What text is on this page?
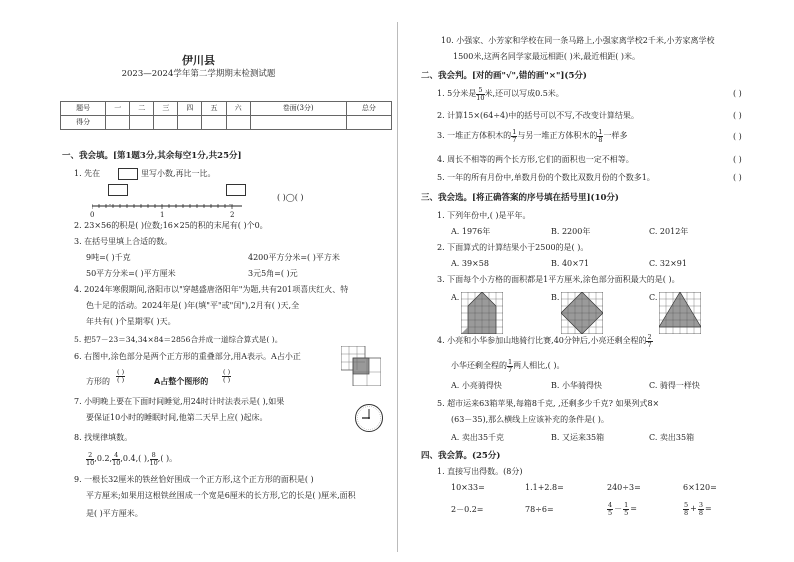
伊川县
2023—2024学年第二学期期末检测试题
题号	一	二	三	四	五	六	卷面(3分)	总分
得分								
一、我会填。[第1题3分,其余每空1分,共25分]
1. 先在	里写小数,再比一比。
0	1	2
( )◯( )
2. 23×56的积是( )位数;16×25的积的末尾有( )个0。
3. 在括号里填上合适的数。
9吨=( )千克	4200平方分米=( )平方米
50平方分米=( )平方厘米	3元5角=( )元
4. 2024年寒假期间,洛阳市以"穿越盛唐洛阳年"为题,共有201项喜庆红火、特
色十足的活动。2024年是( )年(填"平"或"闰"),2月有( )天,全
年共有( )个星期零( )天。
5. 把57－23＝34,34×84＝2856合并成一道综合算式是( )。
6. 右图中,涂色部分是两个正方形的重叠部分,用A表示。A占小正
方形的
( )
( )	A占整个图形的
( )
( )
7. 小明晚上要在下面时间睡觉,用24时计时法表示是( ),如果
要保证10小时的睡眠时间,他第二天早上应( )起床。
8. 找规律填数。
$\frac{2}{10} ,0.2$, $\frac{4}{10} ,0.4$,( ), $\frac{8}{10}$ ,( )。
9. 一根长32厘米的铁丝恰好围成一个正方形,这个正方形的面积是( )
平方厘米;如果用这根铁丝围成一个宽是6厘米的长方形,它的长是( )厘米,面积
是( )平方厘米。
10. 小强家、小芳家和学校在同一条马路上,小强家离学校2千米,小芳家离学校
1500米,这两名同学家最远相距( )米,最近相距( )米。
二、我会判。[对的画"√",错的画"×"](5分)
1. 5分米是 $\frac{5}{10}$ 米,还可以写成0.5米。	( )
2. 计算15×(64÷4)中的括号可以不写,不改变计算结果。	( )
3. 一堆正方体积木的 $\frac{1}{7}$ 与另一堆正方体积木的 $\frac{1}{8}$ 一样多	( )
4. 周长不相等的两个长方形,它们的面积也一定不相等。	( )
5. 一年的所有月份中,单数月份的个数比双数月份的个数多1。	( )
三、我会选。[将正确答案的序号填在括号里](10分)
1. 下列年份中,( )是平年。
A. 1976年	B. 2200年	C. 2012年
2. 下面算式的计算结果小于2500的是( )。
A. 39×58	B. 40×71	C. 32×91
3. 下面每个小方格的面积都是1平方厘米,涂色部分面积最大的是( )。
A.	B.	C.
4. 小亮和小华参加山地骑行比赛,40分钟后,小亮还剩全程的 $\frac{2}{7}$
小华还剩全程的 $\frac{1}{7}$ 两人相比,( )。
A. 小亮骑得快	B. 小华骑得快	C. 骑得一样快
5. 超市运来63箱苹果,每箱8千克, ,还剩多少千克? 如果列式8×
(63－35),那么横线上应该补充的条件是( )。
A. 卖出35千克	B. 又运来35箱	C. 卖出35箱
四、我会算。(25分)
1. 直接写出得数。(8分)
10×33=	1.1+2.8=	240÷3=	6×120=
2－0.2=	78÷6=	$\frac{4}{5} - \frac{1}{5}$ =	$\frac{5}{8} + \frac{3}{8}$ =
